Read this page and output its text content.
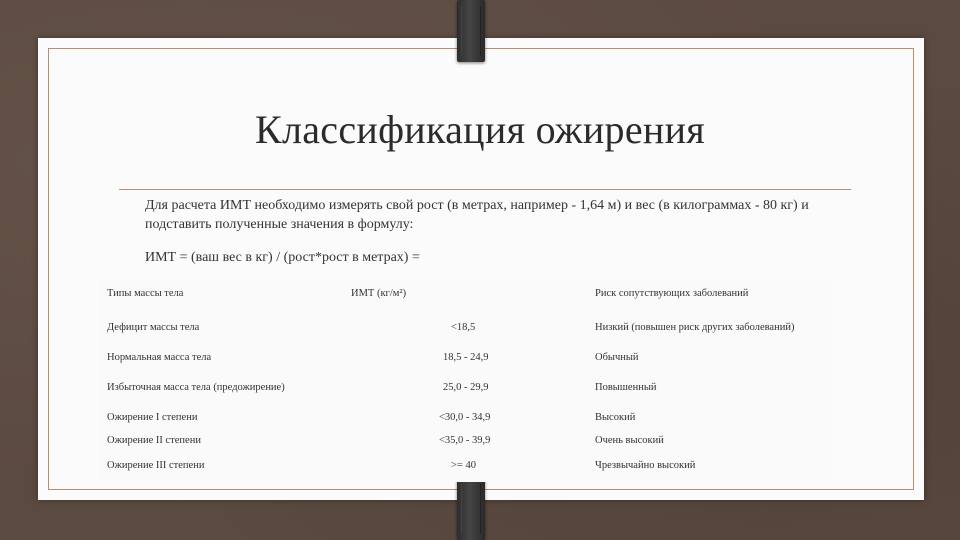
Классификация ожирения
Для расчета ИМТ необходимо измерять свой рост (в метрах, например - 1,64 м) и вес (в килограммах - 80 кг) и подставить полученные значения в формулу:
ИМТ = (ваш вес в кг) / (рост*рост в метрах) =
Типы массы тела	ИМТ (кг/м²)	Риск сопутствующих заболеваний
Дефицит массы тела	<18,5	Низкий (повышен риск других заболеваний)
Нормальная масса тела	18,5 - 24,9	Обычный
Избыточная масса тела (предожирение)	25,0 - 29,9	Повышенный
Ожирение I степени	<30,0 - 34,9	Высокий
Ожирение II степени	<35,0 - 39,9	Очень высокий
Ожирение III степени	>= 40	Чрезвычайно высокий
